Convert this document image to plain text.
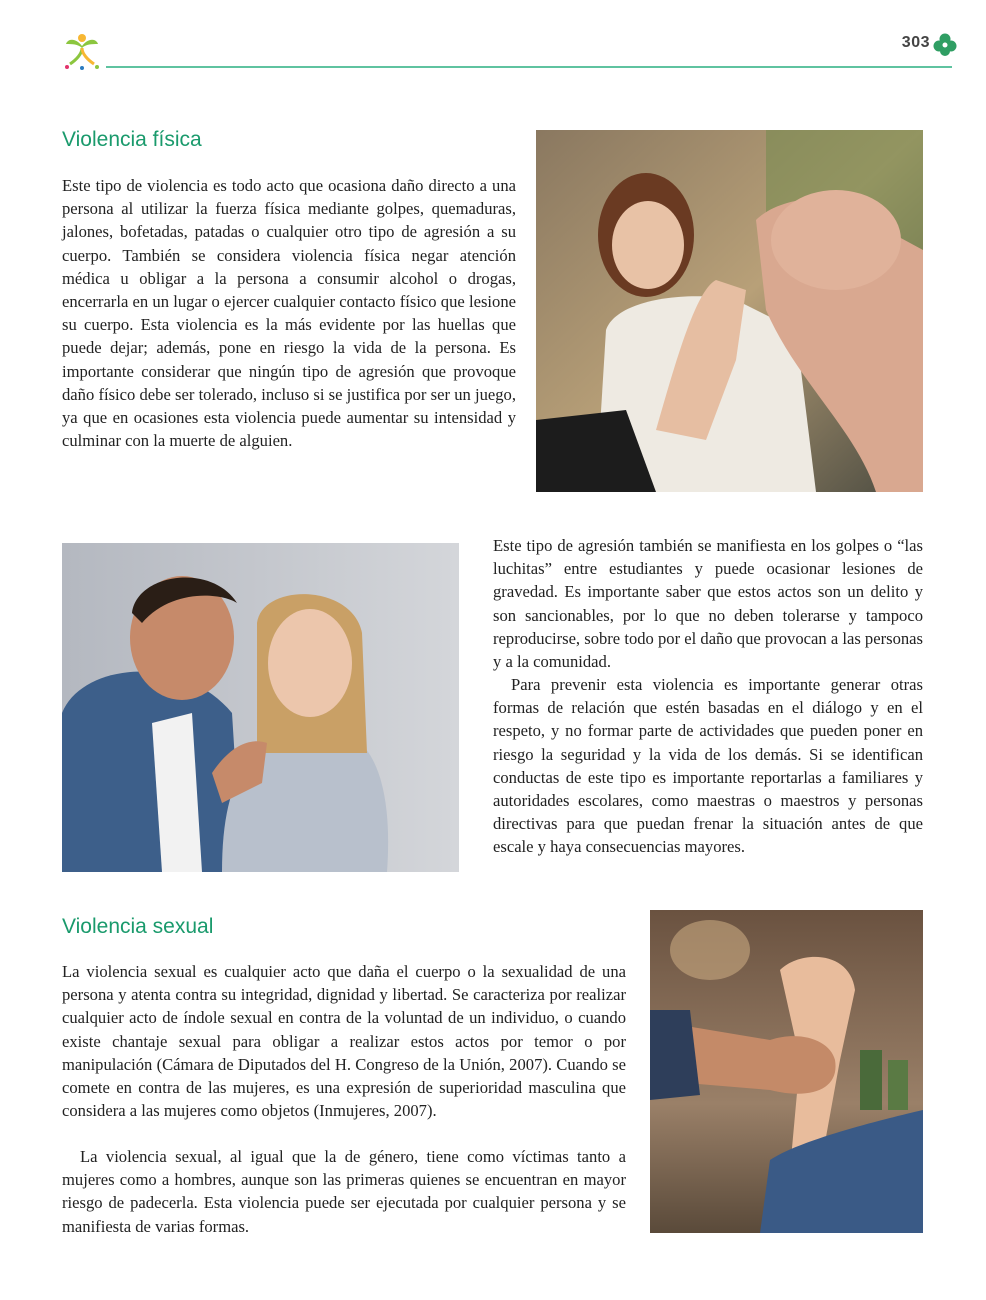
303
Violencia física

Este tipo de violencia es todo acto que ocasiona daño directo a una persona al utilizar la fuerza física mediante golpes, quemaduras, jalones, bofetadas, patadas o cualquier otro tipo de agresión a su cuerpo. También se considera violencia física negar atención médica u obligar a la persona a consumir alcohol o drogas, encerrarla en un lugar o ejercer cualquier contacto físico que lesione su cuerpo. Esta violencia es la más evidente por las huellas que puede dejar; además, pone en riesgo la vida de la persona. Es importante considerar que ningún tipo de agresión que provoque daño físico debe ser tolerado, incluso si se justifica por ser un juego, ya que en ocasiones esta violencia puede aumentar su intensidad y culminar con la muerte de alguien.

Este tipo de agresión también se manifiesta en los golpes o “las luchitas” entre estudiantes y puede ocasionar lesiones de gravedad. Es importante saber que estos actos son un delito y son sancionables, por lo que no deben tolerarse y tampoco reproducirse, sobre todo por el daño que provocan a las personas y a la comunidad.

Para prevenir esta violencia es importante generar otras formas de relación que estén basadas en el diálogo y en el respeto, y no formar parte de actividades que pueden poner en riesgo la seguridad y la vida de los demás. Si se identifican conductas de este tipo es importante reportarlas a familiares y autoridades escolares, como maestras o maestros y personas directivas para que puedan frenar la situación antes de que escale y haya consecuencias mayores.

Violencia sexual

La violencia sexual es cualquier acto que daña el cuerpo o la sexualidad de una persona y atenta contra su integridad, dignidad y libertad. Se caracteriza por realizar cualquier acto de índole sexual en contra de la voluntad de un individuo, o cuando existe chantaje sexual para obligar a realizar estos actos por temor o por manipulación (Cámara de Diputados del H. Congreso de la Unión, 2007). Cuando se comete en contra de las mujeres, es una expresión de superioridad masculina que considera a las mujeres como objetos (Inmujeres, 2007).

La violencia sexual, al igual que la de género, tiene como víctimas tanto a mujeres como a hombres, aunque son las primeras quienes se encuentran en mayor riesgo de padecerla. Esta violencia puede ser ejecutada por cualquier persona y se manifiesta de varias formas.
